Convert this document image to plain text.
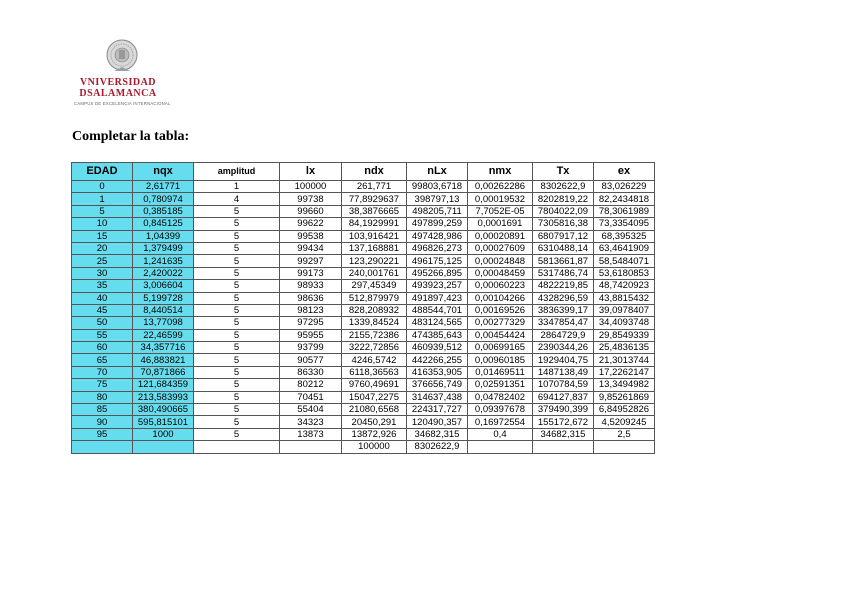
VNIVERSIDAD
DSALAMANCA
CAMPUS DE EXCELENCIA INTERNACIONAL
Completar la tabla:
EDAD	nqx	amplitud	lx	ndx	nLx	nmx	Tx	ex
0	2,61771	1	100000	261,771	99803,6718	0,00262286	8302622,9	83,026229
1	0,780974	4	99738	77,8929637	398797,13	0,00019532	8202819,22	82,2434818
5	0,385185	5	99660	38,3876665	498205,711	7,7052E-05	7804022,09	78,3061989
10	0,845125	5	99622	84,1929991	497899,259	0,0001691	7305816,38	73,3354095
15	1,04399	5	99538	103,916421	497428,986	0,00020891	6807917,12	68,395325
20	1,379499	5	99434	137,168881	496826,273	0,00027609	6310488,14	63,4641909
25	1,241635	5	99297	123,290221	496175,125	0,00024848	5813661,87	58,5484071
30	2,420022	5	99173	240,001761	495266,895	0,00048459	5317486,74	53,6180853
35	3,006604	5	98933	297,45349	493923,257	0,00060223	4822219,85	48,7420923
40	5,199728	5	98636	512,879979	491897,423	0,00104266	4328296,59	43,8815432
45	8,440514	5	98123	828,208932	488544,701	0,00169526	3836399,17	39,0978407
50	13,77098	5	97295	1339,84524	483124,565	0,00277329	3347854,47	34,4093748
55	22,46599	5	95955	2155,72386	474385,643	0,00454424	2864729,9	29,8549339
60	34,357716	5	93799	3222,72856	460939,512	0,00699165	2390344,26	25,4836135
65	46,883821	5	90577	4246,5742	442266,255	0,00960185	1929404,75	21,3013744
70	70,871866	5	86330	6118,36563	416353,905	0,01469511	1487138,49	17,2262147
75	121,684359	5	80212	9760,49691	376656,749	0,02591351	1070784,59	13,3494982
80	213,583993	5	70451	15047,2275	314637,438	0,04782402	694127,837	9,85261869
85	380,490665	5	55404	21080,6568	224317,727	0,09397678	379490,399	6,84952826
90	595,815101	5	34323	20450,291	120490,357	0,16972554	155172,672	4,5209245
95	1000	5	13873	13872,926	34682,315	0,4	34682,315	2,5
				100000	8302622,9			
